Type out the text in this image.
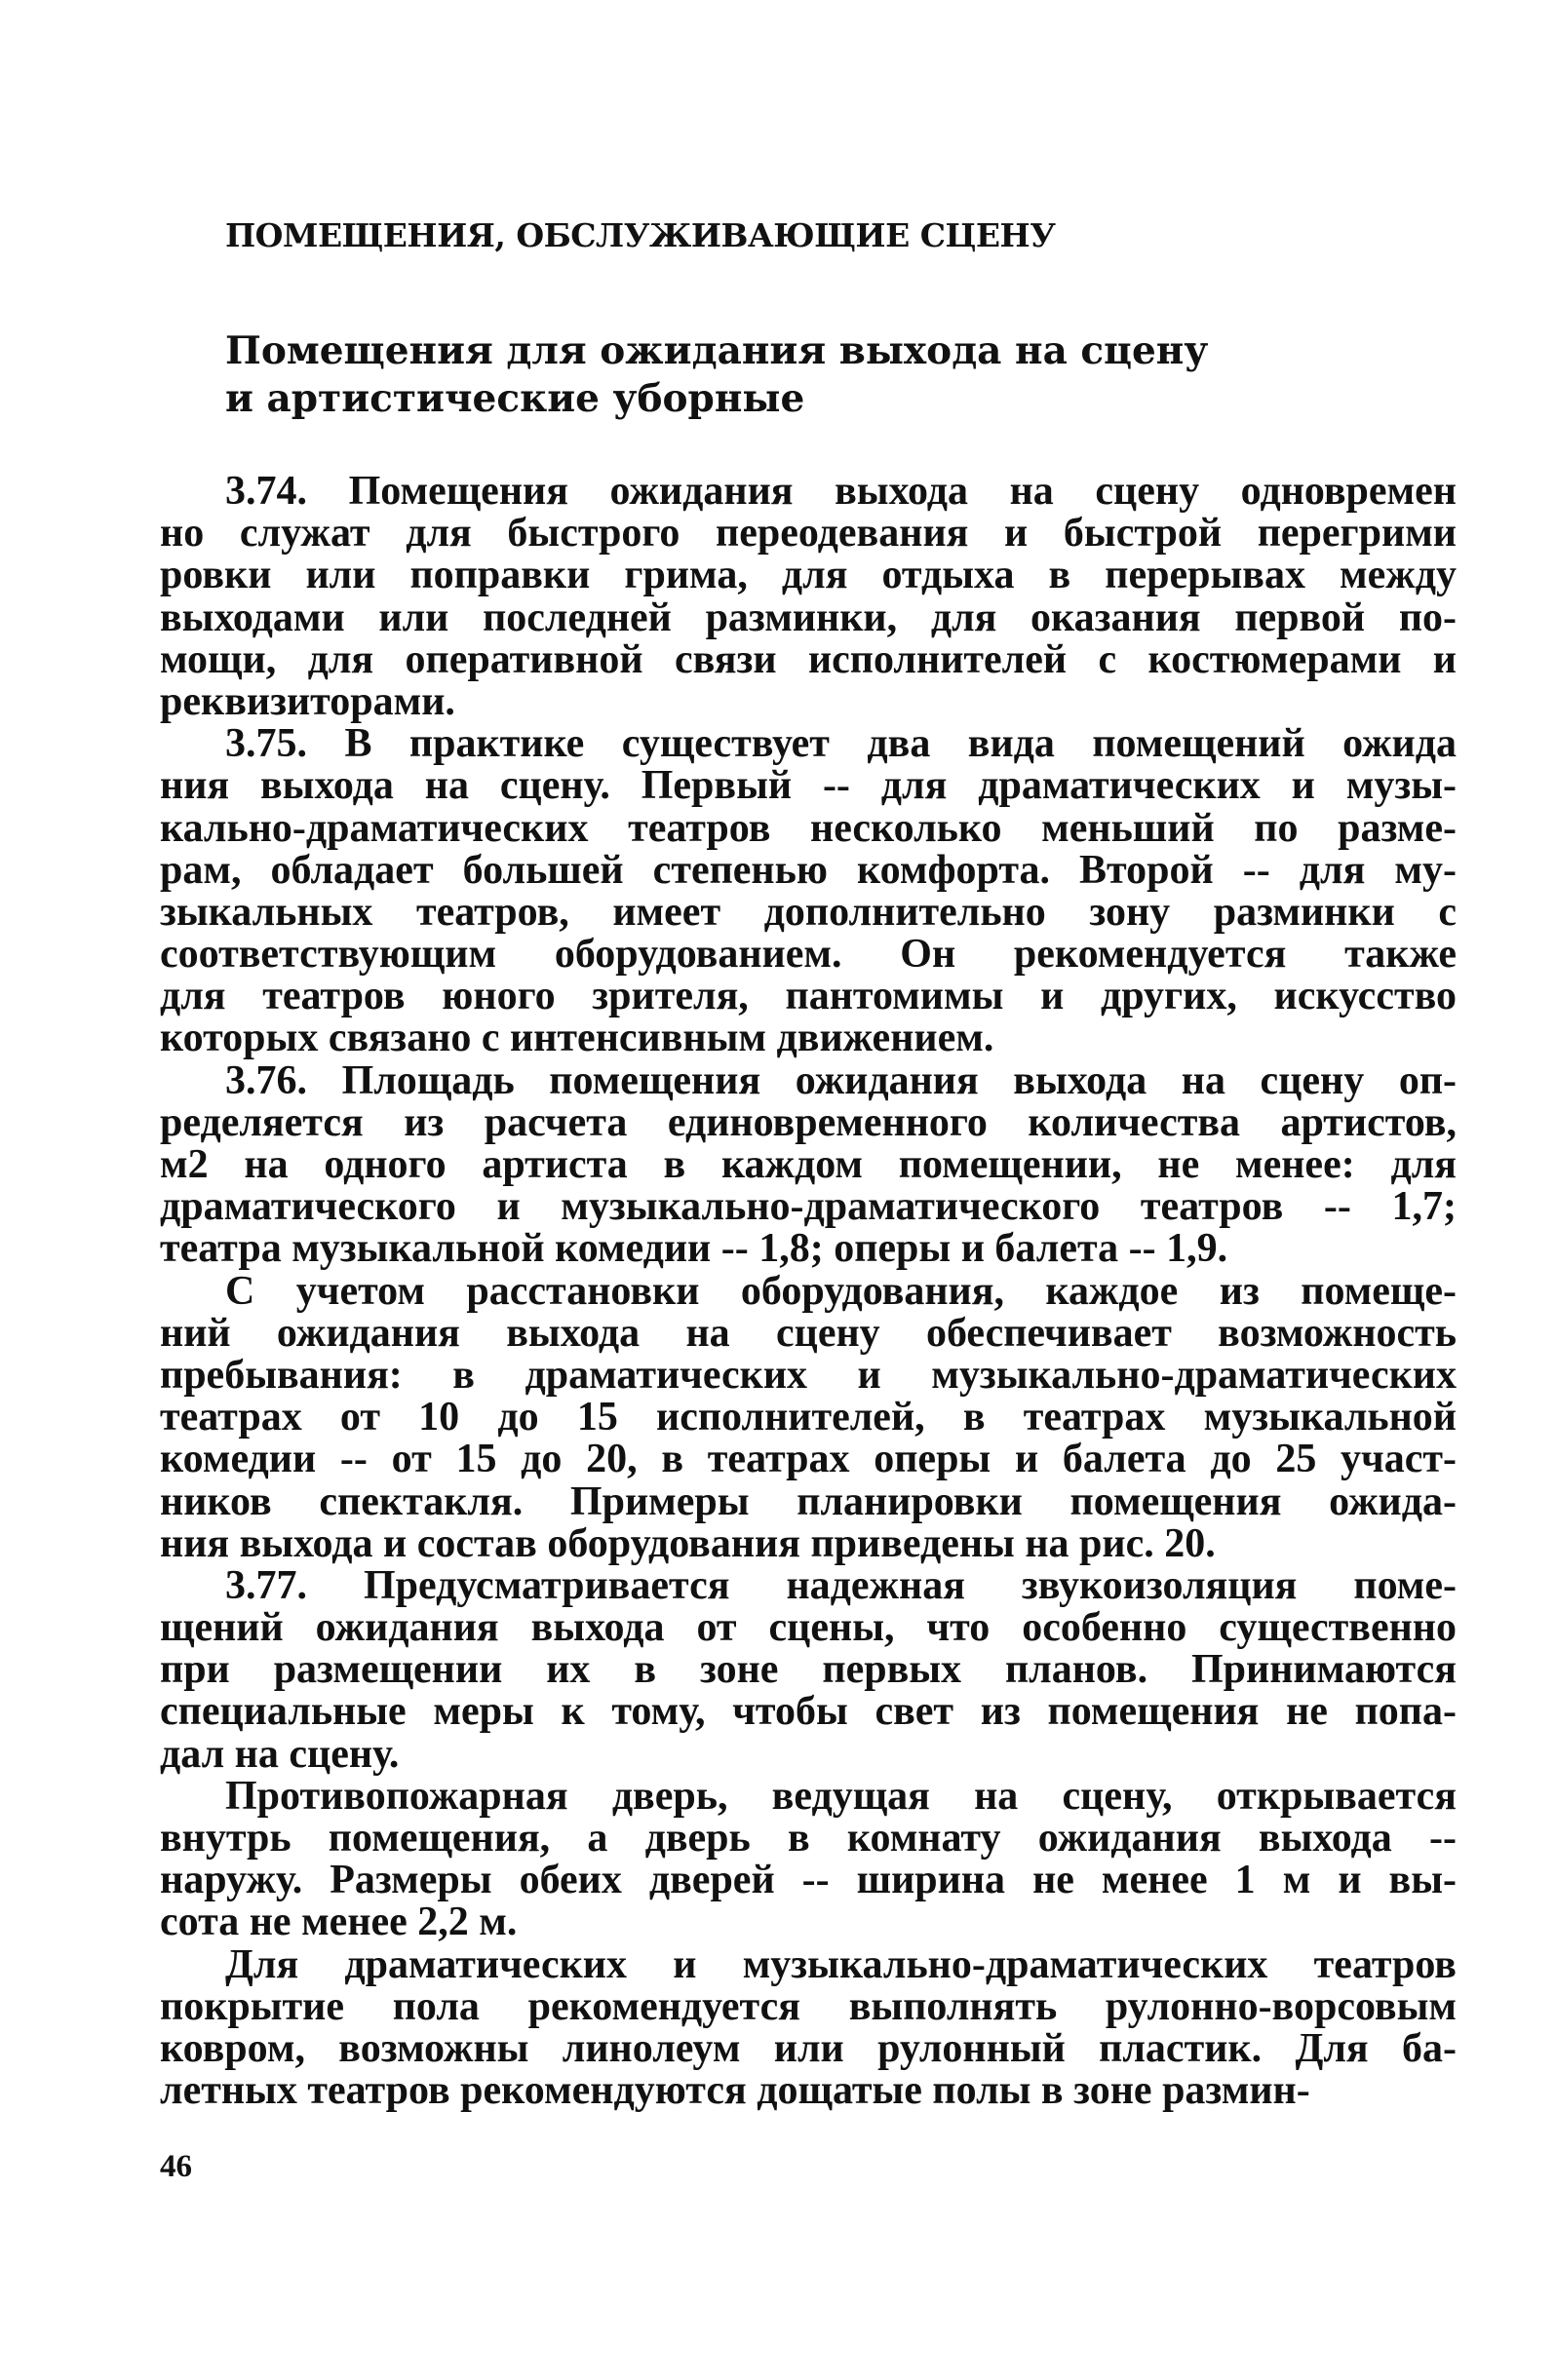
ПОМЕЩЕНИЯ, ОБСЛУЖИВАЮЩИЕ СЦЕНУ
Помещения для ожидания выхода на сцену
и артистические уборные
3.74. Помещения ожидания выхода на сцену одновремен
но служат для быстрого переодевания и быстрой перегрими
ровки или поправки грима, для отдыха в перерывах между
выходами или последней разминки, для оказания первой по-
мощи, для оперативной связи исполнителей с костюмерами и
реквизиторами.
3.75. В практике существует два вида помещений ожида
ния выхода на сцену. Первый -- для драматических и музы-
кально-драматических театров несколько меньший по разме-
рам, обладает большей степенью комфорта. Второй -- для му-
зыкальных театров, имеет дополнительно зону разминки с
соответствующим оборудованием. Он рекомендуется также
для театров юного зрителя, пантомимы и других, искусство
которых связано с интенсивным движением.
3.76. Площадь помещения ожидания выхода на сцену оп-
ределяется из расчета единовременного количества артистов,
м2 на одного артиста в каждом помещении, не менее: для
драматического и музыкально-драматического театров -- 1,7;
театра музыкальной комедии -- 1,8; оперы и балета -- 1,9.
С учетом расстановки оборудования, каждое из помеще-
ний ожидания выхода на сцену обеспечивает возможность
пребывания: в драматических и музыкально-драматических
театрах от 10 до 15 исполнителей, в театрах музыкальной
комедии -- от 15 до 20, в театрах оперы и балета до 25 участ-
ников спектакля. Примеры планировки помещения ожида-
ния выхода и состав оборудования приведены на рис. 20.
3.77. Предусматривается надежная звукоизоляция поме-
щений ожидания выхода от сцены, что особенно существенно
при размещении их в зоне первых планов. Принимаются
специальные меры к тому, чтобы свет из помещения не попа-
дал на сцену.
Противопожарная дверь, ведущая на сцену, открывается
внутрь помещения, а дверь в комнату ожидания выхода --
наружу. Размеры обеих дверей -- ширина не менее 1 м и вы-
сота не менее 2,2 м.
Для драматических и музыкально-драматических театров
покрытие пола рекомендуется выполнять рулонно-ворсовым
ковром, возможны линолеум или рулонный пластик. Для ба-
летных театров рекомендуются дощатые полы в зоне размин-
46
